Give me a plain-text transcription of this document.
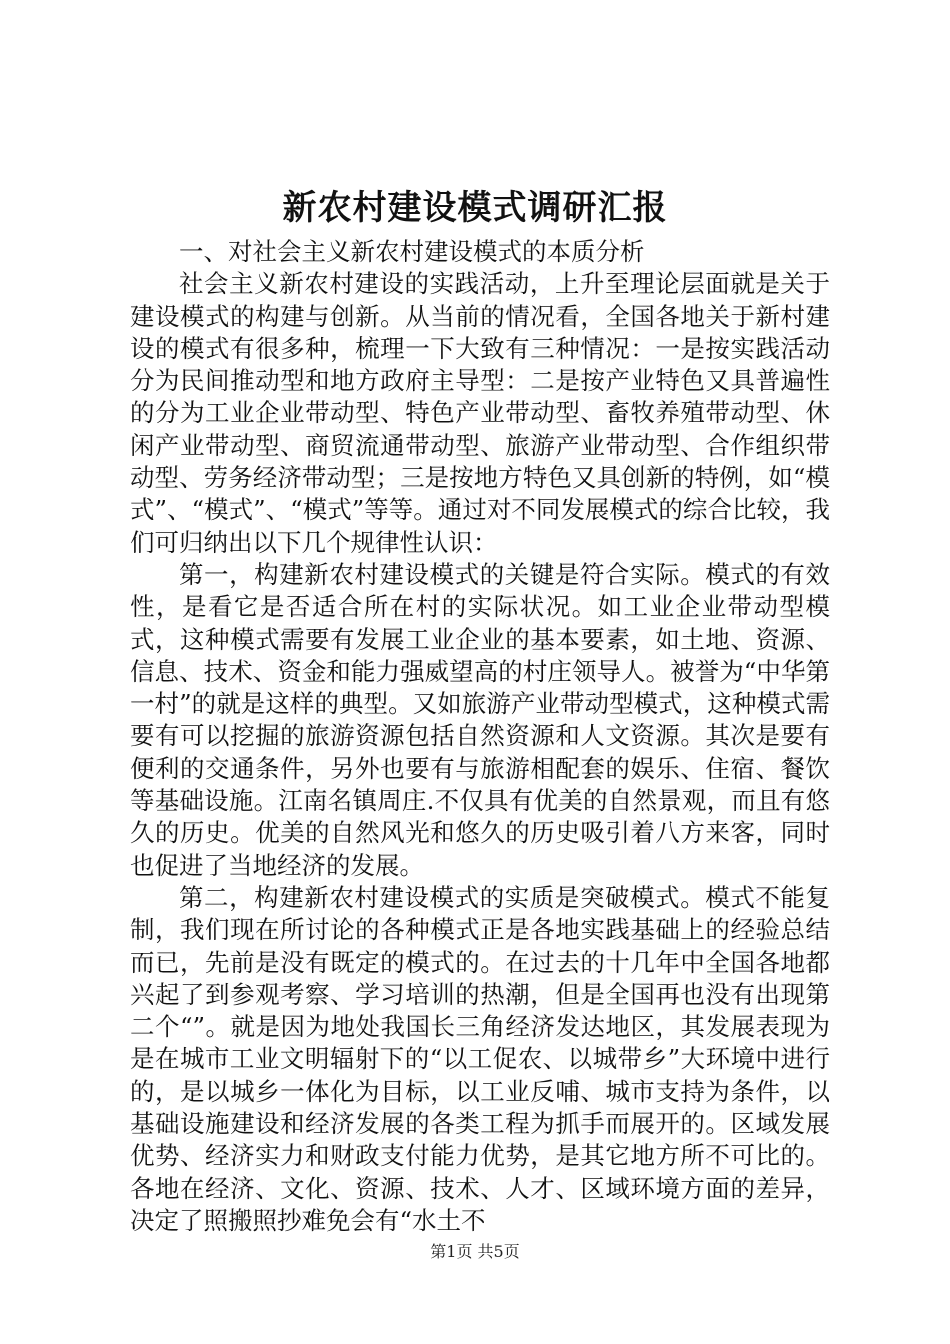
新农村建设模式调研汇报

一、对社会主义新农村建设模式的本质分析

社会主义新农村建设的实践活动，上升至理论层面就是关于建设模式的构建与创新。从当前的情况看，全国各地关于新村建设的模式有很多种，梳理一下大致有三种情况：一是按实践活动分为民间推动型和地方政府主导型：二是按产业特色又具普遍性的分为工业企业带动型、特色产业带动型、畜牧养殖带动型、休闲产业带动型、商贸流通带动型、旅游产业带动型、合作组织带动型、劳务经济带动型；三是按地方特色又具创新的特例，如“模式”、“模式”、“模式”等等。通过对不同发展模式的综合比较，我们可归纳出以下几个规律性认识：

第一，构建新农村建设模式的关键是符合实际。模式的有效性，是看它是否适合所在村的实际状况。如工业企业带动型模式，这种模式需要有发展工业企业的基本要素，如土地、资源、信息、技术、资金和能力强威望高的村庄领导人。被誉为“中华第一村”的就是这样的典型。又如旅游产业带动型模式，这种模式需要有可以挖掘的旅游资源包括自然资源和人文资源。其次是要有便利的交通条件，另外也要有与旅游相配套的娱乐、住宿、餐饮等基础设施。江南名镇周庄.不仅具有优美的自然景观，而且有悠久的历史。优美的自然风光和悠久的历史吸引着八方来客，同时也促进了当地经济的发展。

第二，构建新农村建设模式的实质是突破模式。模式不能复制，我们现在所讨论的各种模式正是各地实践基础上的经验总结而已，先前是没有既定的模式的。在过去的十几年中全国各地都兴起了到参观考察、学习培训的热潮，但是全国再也没有出现第二个“”。就是因为地处我国长三角经济发达地区，其发展表现为是在城市工业文明辐射下的“以工促农、以城带乡”大环境中进行的，是以城乡一体化为目标，以工业反哺、城市支持为条件，以基础设施建设和经济发展的各类工程为抓手而展开的。区域发展优势、经济实力和财政支付能力优势，是其它地方所不可比的。各地在经济、文化、资源、技术、人才、区域环境方面的差异，决定了照搬照抄难免会有“水土不

第1页 共5页
